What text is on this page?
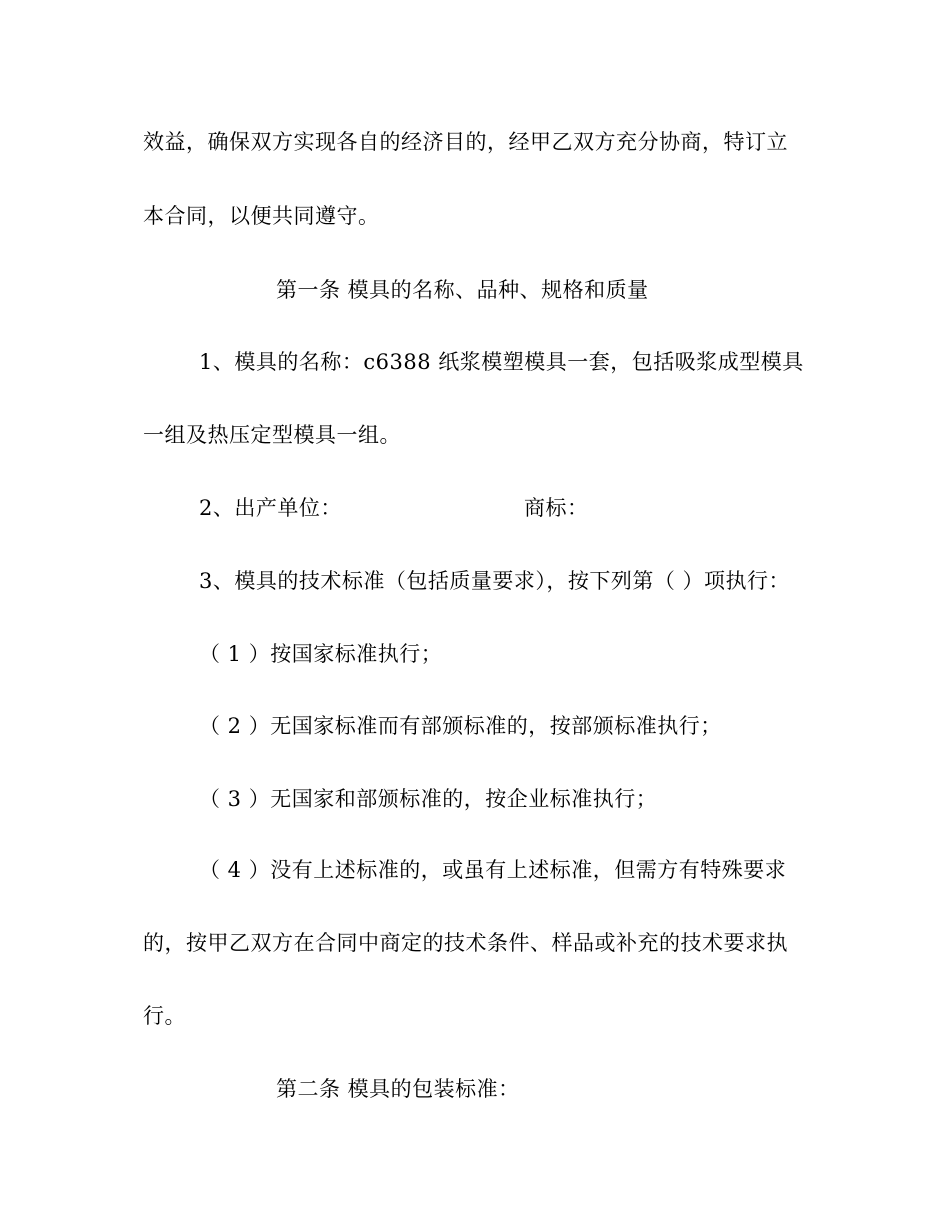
效益，确保双方实现各自的经济目的，经甲乙双方充分协商，特订立
本合同，以便共同遵守。
第一条 模具的名称、品种、规格和质量
1、模具的名称：c6388 纸浆模塑模具一套，包括吸浆成型模具
一组及热压定型模具一组。
2、出产单位：	商标：
3、模具的技术标准（包括质量要求），按下列第（ ）项执行：
（ 1 ）按国家标准执行；
（ 2 ）无国家标准而有部颁标准的，按部颁标准执行；
（ 3 ）无国家和部颁标准的，按企业标准执行；
（ 4 ）没有上述标准的，或虽有上述标准，但需方有特殊要求
的，按甲乙双方在合同中商定的技术条件、样品或补充的技术要求执
行。
第二条 模具的包装标准：
